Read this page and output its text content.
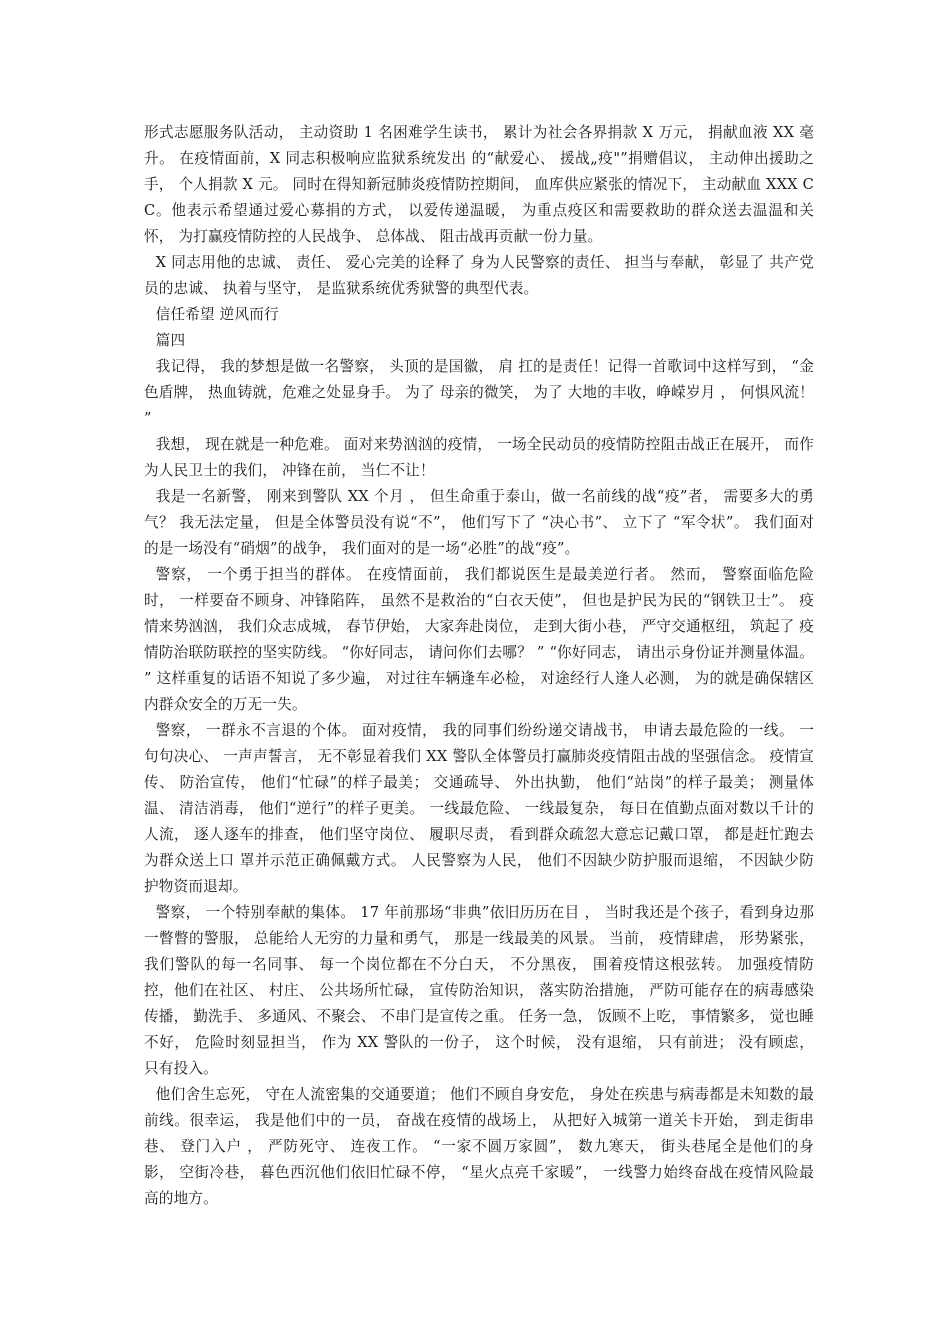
形式志愿服务队活动， 主动资助 1 名困难学生读书， 累计为社会各界捐款 X 万元， 捐献血液 XX 毫升。 在疫情面前，X 同志积极响应监狱系统发出 的“献爱心、 援战„疫"”捐赠倡议， 主动伸出援助之手， 个人捐款 X 元。 同时在得知新冠肺炎疫情防控期间， 血库供应紧张的情况下， 主动献血 XXX CC。他表示希望通过爱心募捐的方式， 以爱传递温暖， 为重点疫区和需要救助的群众送去温温和关怀， 为打赢疫情防控的人民战争、 总体战、 阻击战再贡献一份力量。

X 同志用他的忠诚、 责任、 爱心完美的诠释了 身为人民警察的责任、 担当与奉献， 彰显了 共产党员的忠诚、 执着与坚守， 是监狱系统优秀狱警的典型代表。

信任希望 逆风而行

篇四

我记得， 我的梦想是做一名警察， 头顶的是国徽， 肩 扛的是责任！记得一首歌词中这样写到， “金色盾牌， 热血铸就，危难之处显身手。 为了 母亲的微笑， 为了 大地的丰收，峥嵘岁月 ， 何惧风流！ ”

我想， 现在就是一种危难。 面对来势汹汹的疫情， 一场全民动员的疫情防控阻击战正在展开， 而作为人民卫士的我们， 冲锋在前， 当仁不让！

我是一名新警， 刚来到警队 XX 个月 ， 但生命重于泰山，做一名前线的战“疫”者， 需要多大的勇气？ 我无法定量， 但是全体警员没有说“不”， 他们写下了 “决心书”、 立下了 “军令状”。 我们面对的是一场没有“硝烟”的战争， 我们面对的是一场“必胜”的战“疫”。

警察， 一个勇于担当的群体。 在疫情面前， 我们都说医生是最美逆行者。 然而， 警察面临危险时， 一样要奋不顾身、冲锋陷阵， 虽然不是救治的“白衣天使”， 但也是护民为民的“钢铁卫士”。 疫情来势汹汹， 我们众志成城， 春节伊始， 大家奔赴岗位， 走到大街小巷， 严守交通枢纽， 筑起了 疫情防治联防联控的坚实防线。 “你好同志， 请问你们去哪？ ” “你好同志， 请出示身份证并测量体温。 ” 这样重复的话语不知说了多少遍， 对过往车辆逢车必检， 对途经行人逢人必测， 为的就是确保辖区内群众安全的万无一失。

警察， 一群永不言退的个体。 面对疫情， 我的同事们纷纷递交请战书， 申请去最危险的一线。 一句句决心、 一声声誓言， 无不彰显着我们 XX 警队全体警员打赢肺炎疫情阻击战的坚强信念。 疫情宣传、 防治宣传， 他们“忙碌”的样子最美； 交通疏导、 外出执勤， 他们“站岗”的样子最美； 测量体温、 清洁消毒， 他们“逆行”的样子更美。 一线最危险、 一线最复杂， 每日在值勤点面对数以千计的人流， 逐人逐车的排查， 他们坚守岗位、 履职尽责， 看到群众疏忽大意忘记戴口罩， 都是赶忙跑去为群众送上口 罩并示范正确佩戴方式。 人民警察为人民， 他们不因缺少防护服而退缩， 不因缺少防护物资而退却。

警察， 一个特别奉献的集体。 17 年前那场“非典”依旧历历在目 ， 当时我还是个孩子，看到身边那一瞥瞥的警服， 总能给人无穷的力量和勇气， 那是一线最美的风景。 当前， 疫情肆虐， 形势紧张， 我们警队的每一名同事、 每一个岗位都在不分白天， 不分黑夜， 围着疫情这根弦转。 加强疫情防控，他们在社区、 村庄、 公共场所忙碌， 宣传防治知识， 落实防治措施， 严防可能存在的病毒感染传播， 勤洗手、 多通风、不聚会、 不串门是宣传之重。 任务一急， 饭顾不上吃， 事情繁多， 觉也睡不好， 危险时刻显担当， 作为 XX 警队的一份子， 这个时候， 没有退缩， 只有前进； 没有顾虑， 只有投入。

他们舍生忘死， 守在人流密集的交通要道； 他们不顾自身安危， 身处在疾患与病毒都是未知数的最前线。很幸运， 我是他们中的一员， 奋战在疫情的战场上， 从把好入城第一道关卡开始， 到走街串巷、 登门入户 ， 严防死守、 连夜工作。 “一家不圆万家圆”， 数九寒天， 街头巷尾全是他们的身影， 空街冷巷， 暮色西沉他们依旧忙碌不停， “星火点亮千家暖”， 一线警力始终奋战在疫情风险最高的地方。
